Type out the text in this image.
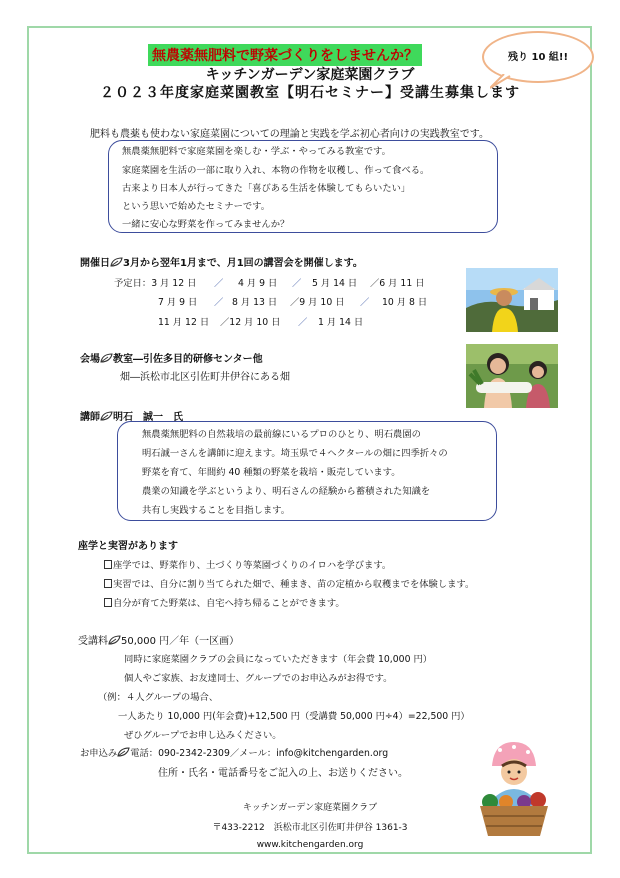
無農薬無肥料で野菜づくりをしませんか？
キッチンガーデン家庭菜園クラブ
２０２３年度家庭菜園教室【明石セミナー】受講生募集します
残り 10 組!!
肥料も農薬も使わない家庭菜園についての理論と実践を学ぶ初心者向けの実践教室です。
無農薬無肥料で家庭菜園を楽しむ・学ぶ・やってみる教室です。
家庭菜園を生活の一部に取り入れ、本物の作物を収穫し、作って食べる。
古来より日本人が行ってきた「喜びある生活を体験してもらいたい」
という思いで始めたセミナーです。
一緒に安心な野菜を作ってみませんか？
開催日 3月から翌年1月まで、月1回の講習会を開催します。
予定日：3 月 12 日 ／ 4 月 9 日 ／ 5 月 14 日 ／6 月 11 日
7 月 9 日 ／ 8 月 13 日 ／9 月 10 日 ／ 10 月 8 日
11 月 12 日 ／12 月 10 日 ／ 1 月 14 日
会場 教室―引佐多目的研修センター他
畑―浜松市北区引佐町井伊谷にある畑
講師 明石　誠一　氏
無農薬無肥料の自然栽培の最前線にいるプロのひとり、明石農園の
明石誠一さんを講師に迎えます。埼玉県で４ヘクタールの畑に四季折々の
野菜を育て、年間約 40 種類の野菜を栽培・販売しています。
農業の知識を学ぶというより、明石さんの経験から蓄積された知識を
共有し実践することを目指します。
座学と実習があります
座学では、野菜作り、土づくり等菜園づくりのイロハを学びます。
実習では、自分に割り当てられた畑で、種まき、苗の定植から収穫までを体験します。
自分が育てた野菜は、自宅へ持ち帰ることができます。
受講料 50,000 円／年（一区画）
同時に家庭菜園クラブの会員になっていただきます（年会費 10,000 円）
個人やご家族、お友達同士、グループでのお申込みがお得です。
（例：４人グループの場合、
一人あたり 10,000 円(年会費)+12,500 円（受講費 50,000 円÷4）=22,500 円）
ぜひグループでお申し込みください。
お申込み 電話：090-2342-2309／メール：info@kitchengarden.org
住所・氏名・電話番号をご記入の上、お送りください。
キッチンガーデン家庭菜園クラブ
〒433-2212　浜松市北区引佐町井伊谷 1361-3
www.kitchengarden.org
